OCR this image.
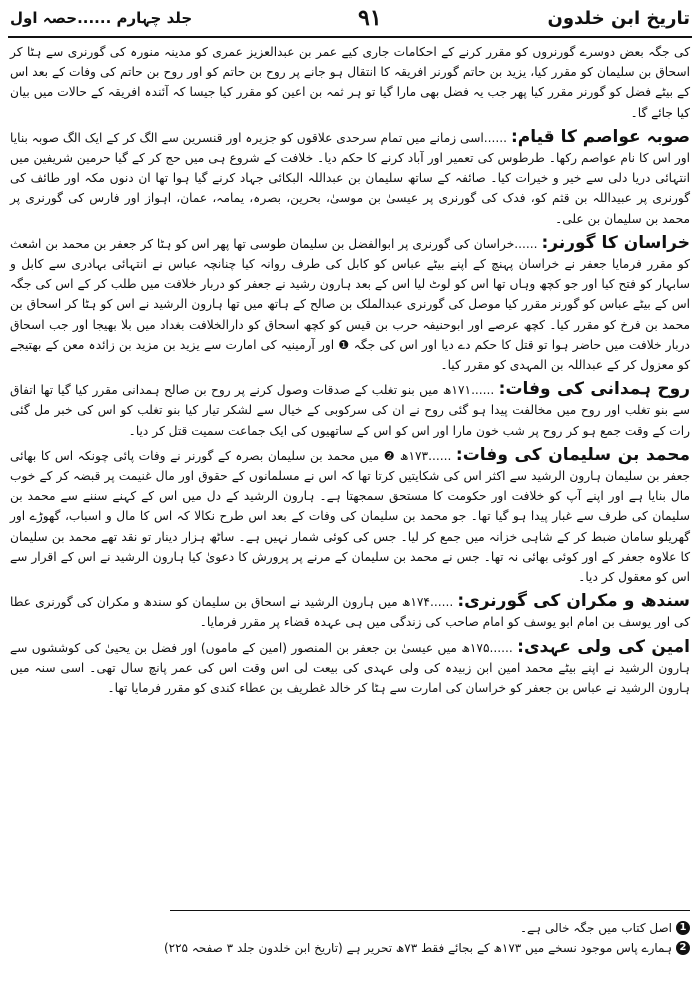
جلد چہارم ......حصہ اول	۹۱	تاریخ ابن خلدون

کی جگہ بعض دوسرے گورنروں کو مقرر کرنے کے احکامات جاری کیے عمر بن عبدالعزیز عمری کو مدینہ منورہ کی گورنری سے ہٹا کر اسحاق بن سلیمان کو مقرر کیا، یزید بن حاتم گورنر افریقہ کا انتقال ہو جانے پر روح بن حاتم کو اور روح بن حاتم کی وفات کے بعد اس کے بیٹے فضل کو گورنر مقرر کیا پھر جب یہ فضل بھی مارا گیا تو ہر ثمہ بن اعین کو مقرر کیا جیسا کہ آئندہ افریقہ کے حالات میں بیان کیا جائے گا۔

صوبہ عواصم کا قیام: ......اسی زمانے میں تمام سرحدی علاقوں کو جزیرہ اور قنسرین سے الگ کر کے ایک الگ صوبہ بنایا اور اس کا نام عواصم رکھا۔ طرطوس کی تعمیر اور آباد کرنے کا حکم دیا۔ خلافت کے شروع ہی میں حج کر کے گیا حرمین شریفین میں انتہائی دریا دلی سے خیر و خیرات کیا۔ صائفہ کے ساتھ سلیمان بن عبداللہ البکائی جہاد کرنے گیا ہوا تھا ان دنوں مکہ اور طائف کی گورنری پر عبیداللہ بن قثم کو، فدک کی گورنری پر عیسیٰ بن موسیٰ، بحرین، بصرہ، یمامہ، عمان، اہواز اور فارس کی گورنری پر محمد بن سلیمان بن علی۔

خراسان کا گورنر: ......خراسان کی گورنری پر ابوالفضل بن سلیمان طوسی تھا پھر اس کو ہٹا کر جعفر بن محمد بن اشعث کو مقرر فرمایا جعفر نے خراسان پہنچ کے اپنے بیٹے عباس کو کابل کی طرف روانہ کیا چنانچہ عباس نے انتہائی بہادری سے کابل و سابہار کو فتح کیا اور جو کچھ وہاں تھا اس کو لوٹ لیا اس کے بعد ہارون رشید نے جعفر کو دربار خلافت میں طلب کر کے اس کی جگہ اس کے بیٹے عباس کو گورنر مقرر کیا موصل کی گورنری عبدالملک بن صالح کے ہاتھ میں تھا ہارون الرشید نے اس کو ہٹا کر اسحاق بن محمد بن فرخ کو مقرر کیا۔ کچھ عرصے اور ابوحنیفہ حرب بن قیس کو کچھ اسحاق کو دارالخلافت بغداد میں بلا بھیجا اور جب اسحاق دربار خلافت میں حاضر ہوا تو قتل کا حکم دے دیا اور اس کی جگہ ❶ اور آرمینیہ کی امارت سے یزید بن مزید بن زائدہ معن کے بھتیجے کو معزول کر کے عبداللہ بن المہدی کو مقرر کیا۔

روح ہمدانی کی وفات: ......۱۷۱ھ میں بنو تغلب کے صدقات وصول کرنے پر روح بن صالح ہمدانی مقرر کیا گیا تھا اتفاق سے بنو تغلب اور روح میں مخالفت پیدا ہو گئی روح نے ان کی سرکوبی کے خیال سے لشکر تیار کیا بنو تغلب کو اس کی خبر مل گئی رات کے وقت جمع ہو کر روح پر شب خون مارا اور اس کو اس کے ساتھیوں کی ایک جماعت سمیت قتل کر دیا۔

محمد بن سلیمان کی وفات: ......۱۷۳ھ ❷ میں محمد بن سلیمان بصرہ کے گورنر نے وفات پائی چونکہ اس کا بھائی جعفر بن سلیمان ہارون الرشید سے اکثر اس کی شکایتیں کرتا تھا کہ اس نے مسلمانوں کے حقوق اور مال غنیمت پر قبضہ کر کے خوب مال بنایا ہے اور اپنے آپ کو خلافت اور حکومت کا مستحق سمجھتا ہے۔ ہارون الرشید کے دل میں اس کے کہنے سننے سے محمد بن سلیمان کی طرف سے غبار پیدا ہو گیا تھا۔ جو محمد بن سلیمان کی وفات کے بعد اس طرح نکالا کہ اس کا مال و اسباب، گھوڑے اور گھریلو سامان ضبط کر کے شاہی خزانہ میں جمع کر لیا۔ جس کی کوئی شمار نہیں ہے۔ ساٹھ ہزار دینار تو نقد تھے محمد بن سلیمان کا علاوہ جعفر کے اور کوئی بھائی نہ تھا۔ جس نے محمد بن سلیمان کے مرنے پر پرورش کا دعویٰ کیا ہارون الرشید نے اس کے اقرار سے اس کو معقول کر دیا۔

سندھ و مکران کی گورنری: ......۱۷۴ھ میں ہارون الرشید نے اسحاق بن سلیمان کو سندھ و مکران کی گورنری عطا کی اور یوسف بن امام ابو یوسف کو امام صاحب کی زندگی میں ہی عہدہ قضاء پر مقرر فرمایا۔

امین کی ولی عہدی: ......۱۷۵ھ میں عیسیٰ بن جعفر بن المنصور (امین کے ماموں) اور فضل بن یحییٰ کی کوششوں سے ہارون الرشید نے اپنے بیٹے محمد امین ابن زبیدہ کی ولی عہدی کی بیعت لی اس وقت اس کی عمر پانچ سال تھی۔ اسی سنہ میں ہارون الرشید نے عباس بن جعفر کو خراسان کی امارت سے ہٹا کر خالد غطریف بن عطاء کندی کو مقرر فرمایا تھا۔

1
اصل کتاب میں جگہ خالی ہے۔
2
ہمارے پاس موجود نسخے میں ۱۷۳ھ کے بجائے فقط ۷۳ھ تحریر ہے (تاریخ ابن خلدون جلد ۳ صفحہ ۲۲۵)
